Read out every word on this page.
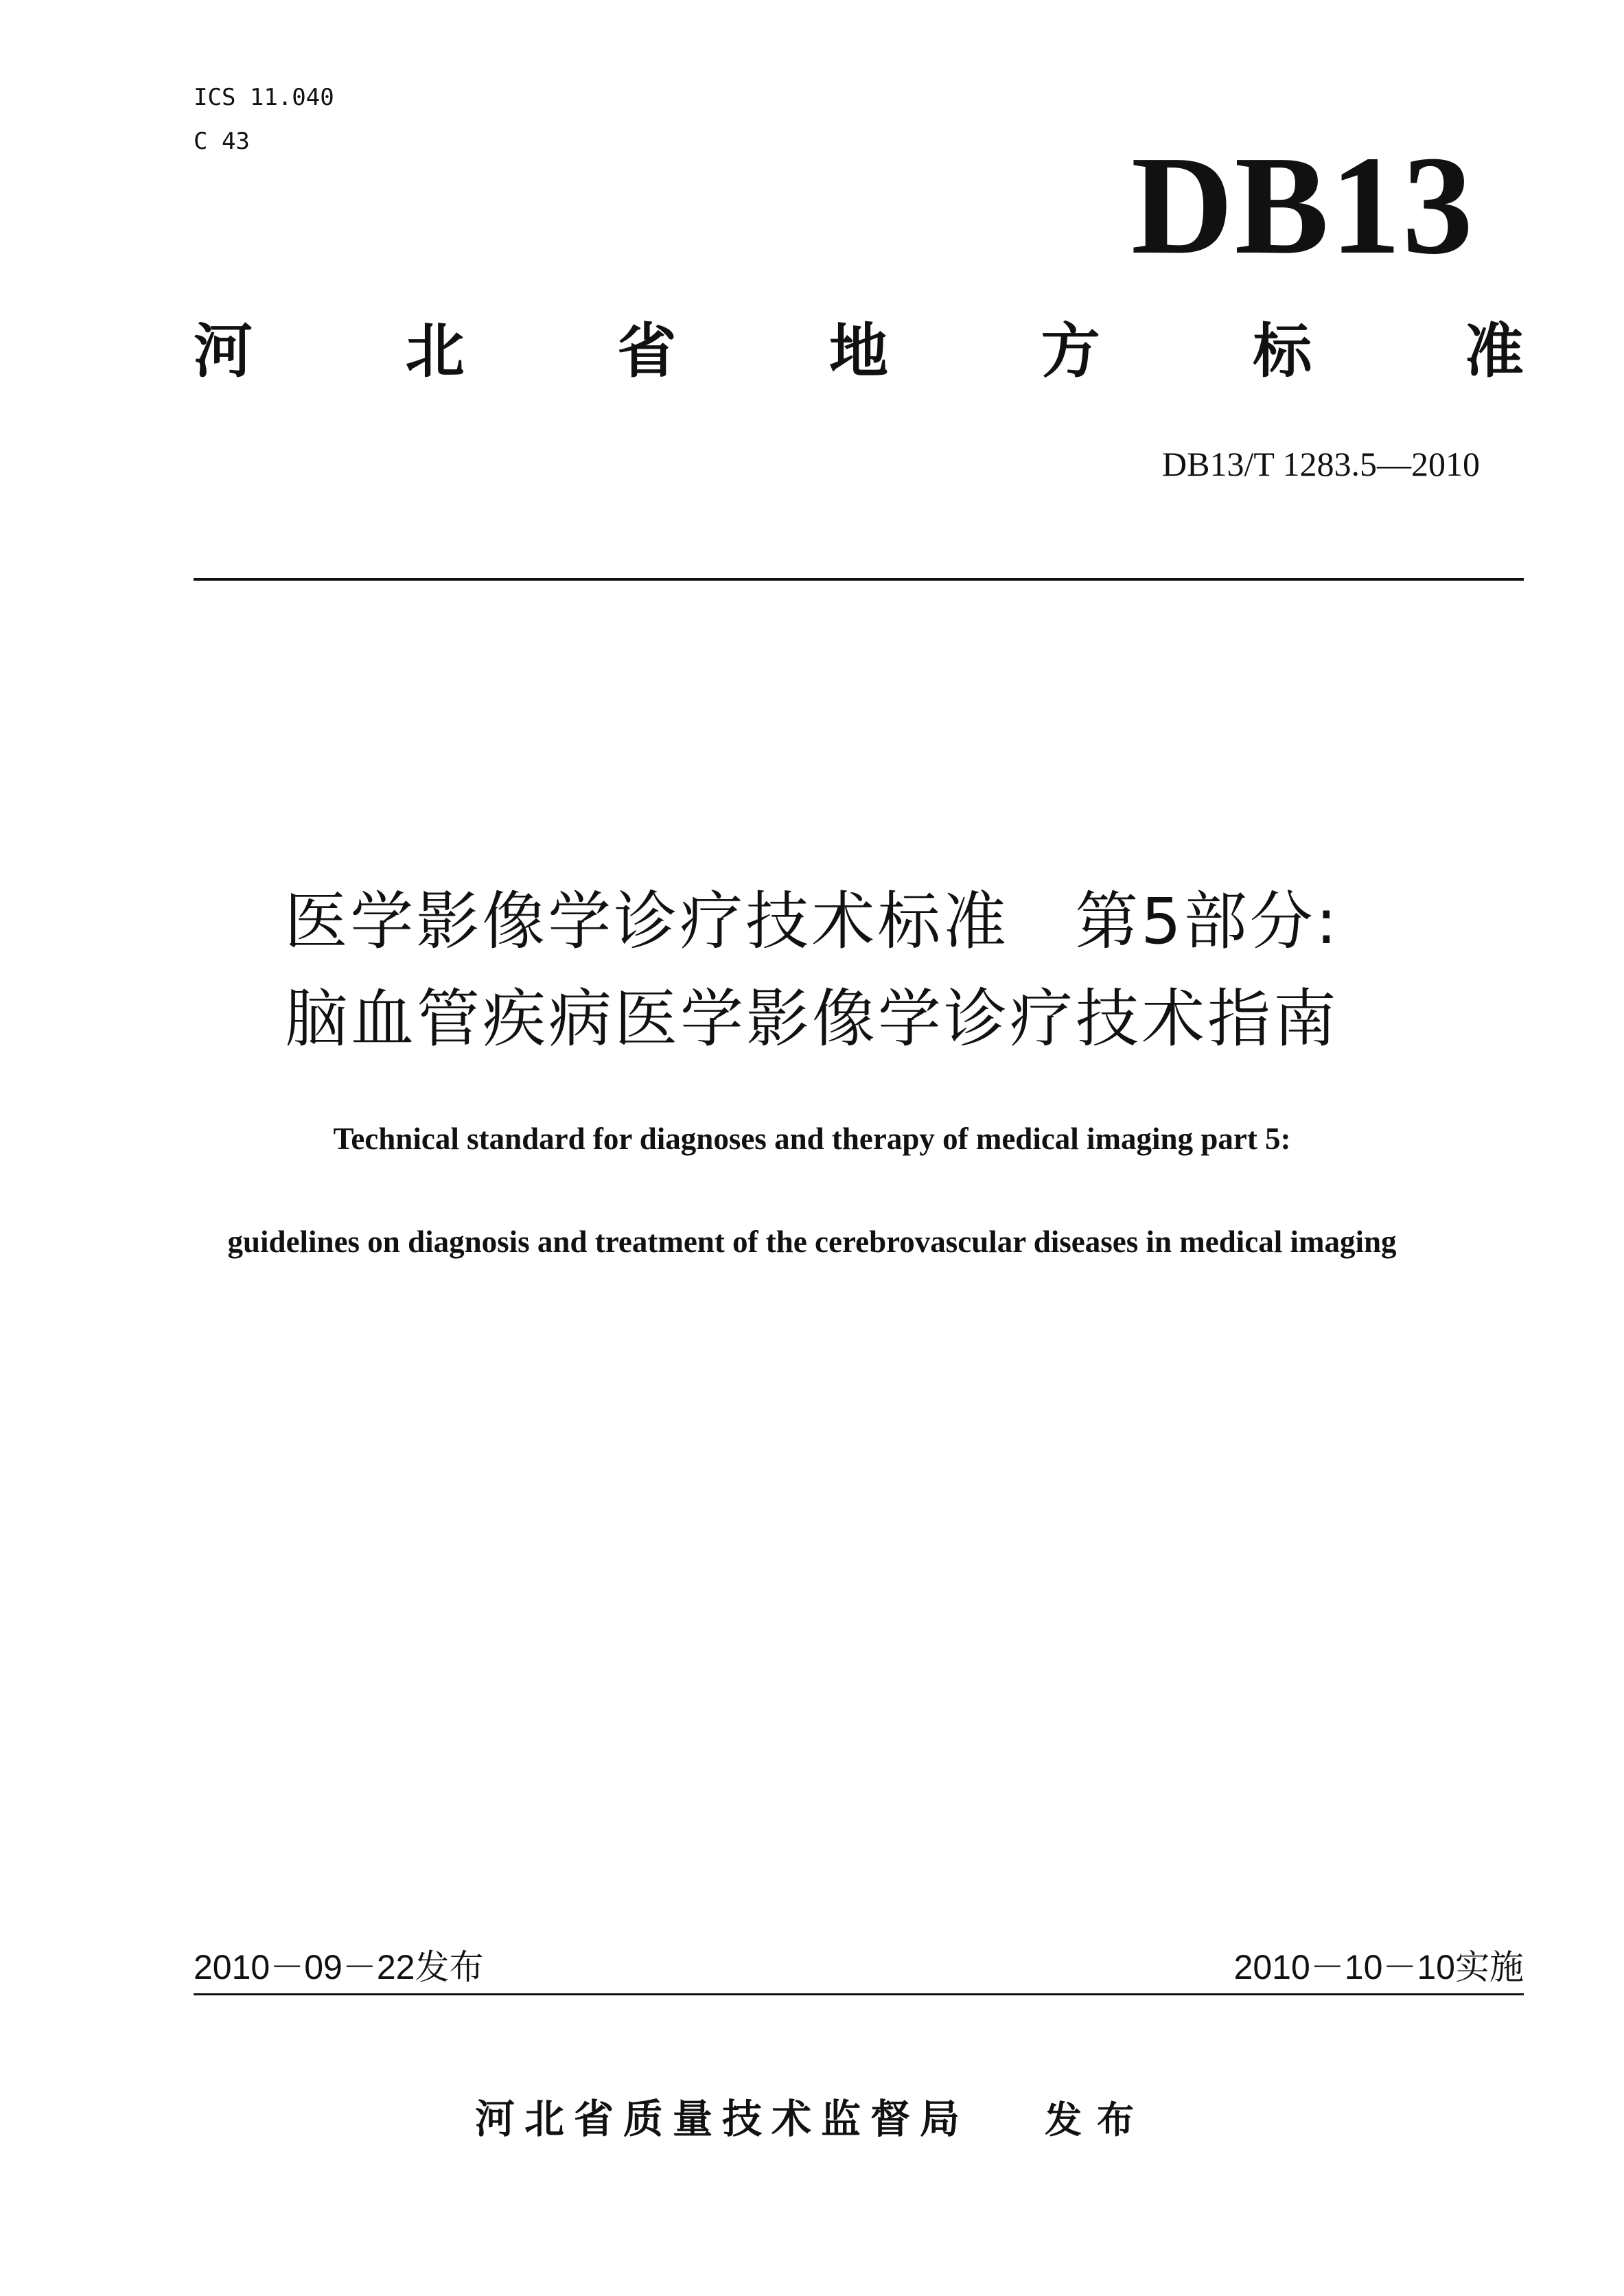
ICS 11.040
C 43	DB13
河	北	省	地	方	标	准
DB13/T 1283.5—2010
医学影像学诊疗技术标准　第5部分:
脑血管疾病医学影像学诊疗技术指南
Technical standard for diagnoses and therapy of medical imaging part 5:
guidelines on diagnosis and treatment of the cerebrovascular diseases in medical imaging
2010－09－22发布	2010－10－10实施
河北省质量技术监督局 发布
